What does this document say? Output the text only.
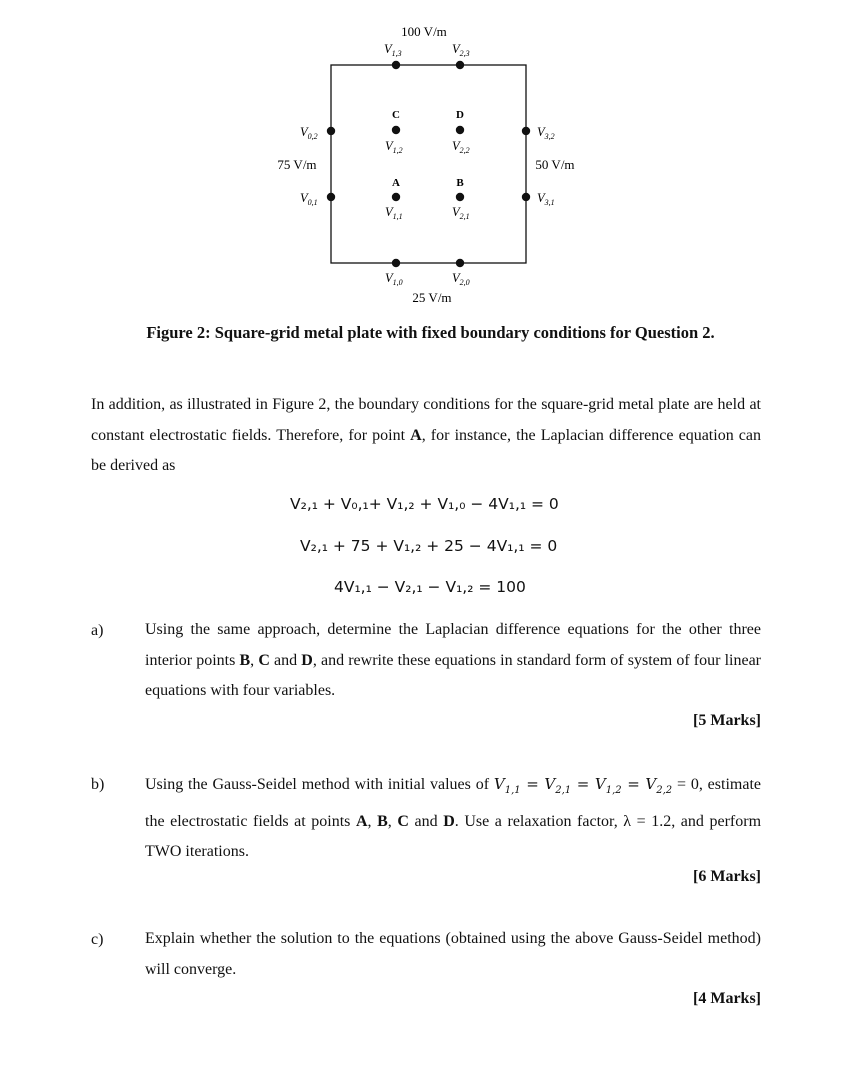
100 V/m
75 V/m	50 V/m
25 V/m
$V_{1,3}$	$V_{2,3}$
$V_{0,2}$
$V_{0,1}$
$V_{3,2}$
$V_{3,1}$
C	D
$V_{1,2}$	$V_{2,2}$
A	B
$V_{1,1}$	$V_{2,1}$
$V_{1,0}$	$V_{2,0}$
Figure 2: Square-grid metal plate with fixed boundary conditions for Question 2.
In addition, as illustrated in Figure 2, the boundary conditions for the square-grid metal plate are held at constant electrostatic fields. Therefore, for point A, for instance, the Laplacian difference equation can be derived as
V₂,₁ + V₀,₁+ V₁,₂ + V₁,₀ − 4V₁,₁ = 0
V₂,₁ + 75 + V₁,₂ + 25 − 4V₁,₁ = 0
4V₁,₁ − V₂,₁ − V₁,₂ = 100
a)	Using the same approach, determine the Laplacian difference equations for the other three interior points B, C and D, and rewrite these equations in standard form of system of four linear equations with four variables.
[5 Marks]
b)	Using the Gauss-Seidel method with initial values of $V_{1,1} = V_{2,1} = V_{1,2} = V_{2,2} = 0$, estimate the electrostatic fields at points A, B, C and D. Use a relaxation factor, λ = 1.2, and perform TWO iterations.
[6 Marks]
c)	Explain whether the solution to the equations (obtained using the above Gauss-Seidel method) will converge.
[4 Marks]
